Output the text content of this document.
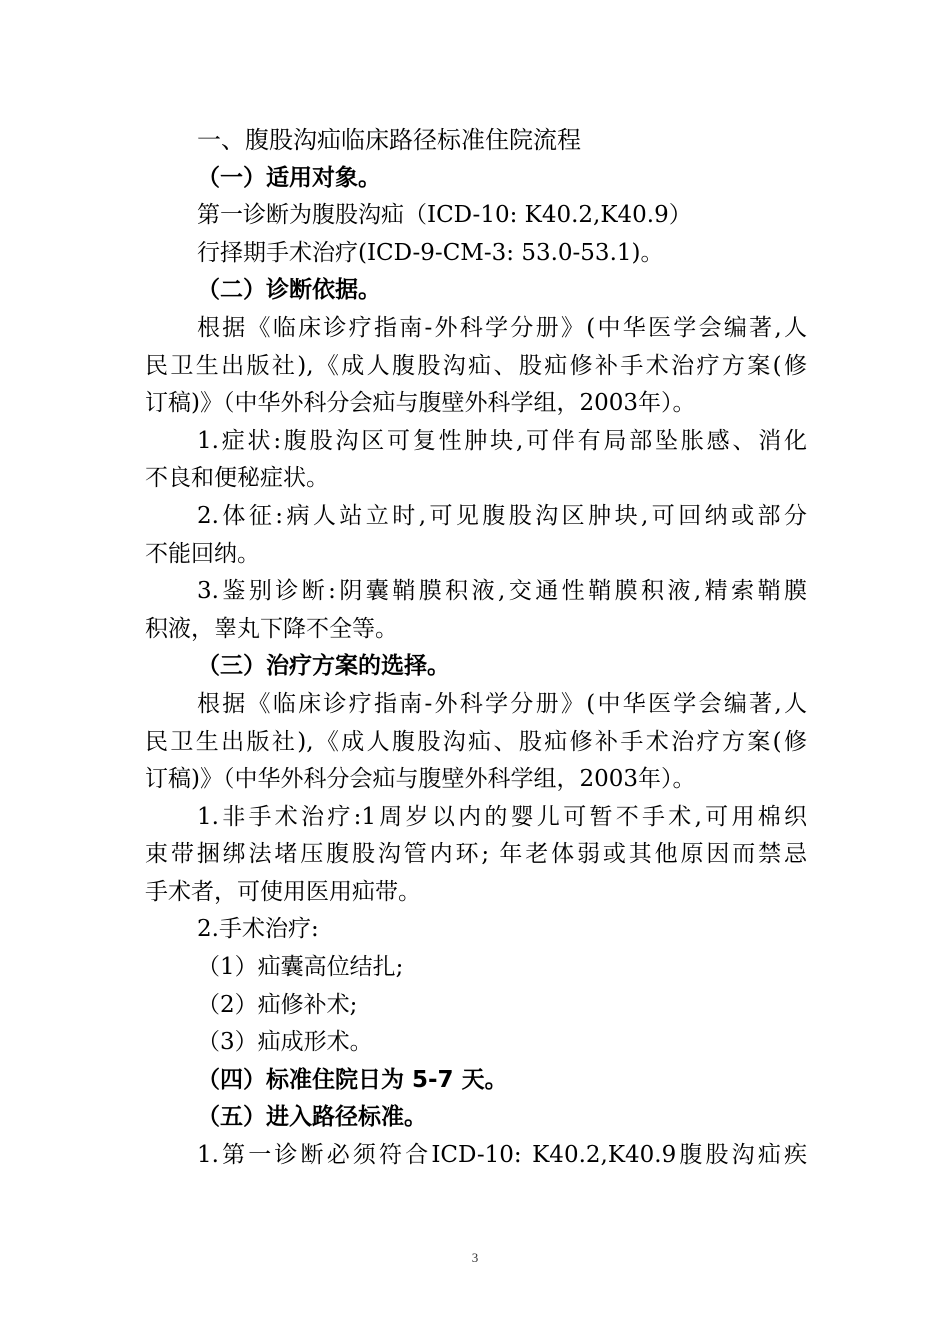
一、腹股沟疝临床路径标准住院流程
（一）适用对象。
第一诊断为腹股沟疝（ICD-10: K40.2,K40.9）
行择期手术治疗(ICD-9-CM-3: 53.0-53.1)。
（二）诊断依据。
根据《临床诊疗指南-外科学分册》(中华医学会编著,人
民卫生出版社),《成人腹股沟疝、股疝修补手术治疗方案(修
订稿)》（中华外科分会疝与腹壁外科学组，2003年）。
1.症状:腹股沟区可复性肿块,可伴有局部坠胀感、消化
不良和便秘症状。
2.体征:病人站立时,可见腹股沟区肿块,可回纳或部分
不能回纳。
3.鉴别诊断:阴囊鞘膜积液,交通性鞘膜积液,精索鞘膜
积液，睾丸下降不全等。
（三）治疗方案的选择。
根据《临床诊疗指南-外科学分册》(中华医学会编著,人
民卫生出版社),《成人腹股沟疝、股疝修补手术治疗方案(修
订稿)》（中华外科分会疝与腹壁外科学组，2003年）。
1.非手术治疗:1周岁以内的婴儿可暂不手术,可用棉织
束带捆绑法堵压腹股沟管内环; 年老体弱或其他原因而禁忌
手术者，可使用医用疝带。
2.手术治疗:
（1）疝囊高位结扎;
（2）疝修补术;
（3）疝成形术。
（四）标准住院日为 5-7 天。
（五）进入路径标准。
1.第一诊断必须符合ICD-10: K40.2,K40.9腹股沟疝疾
3
